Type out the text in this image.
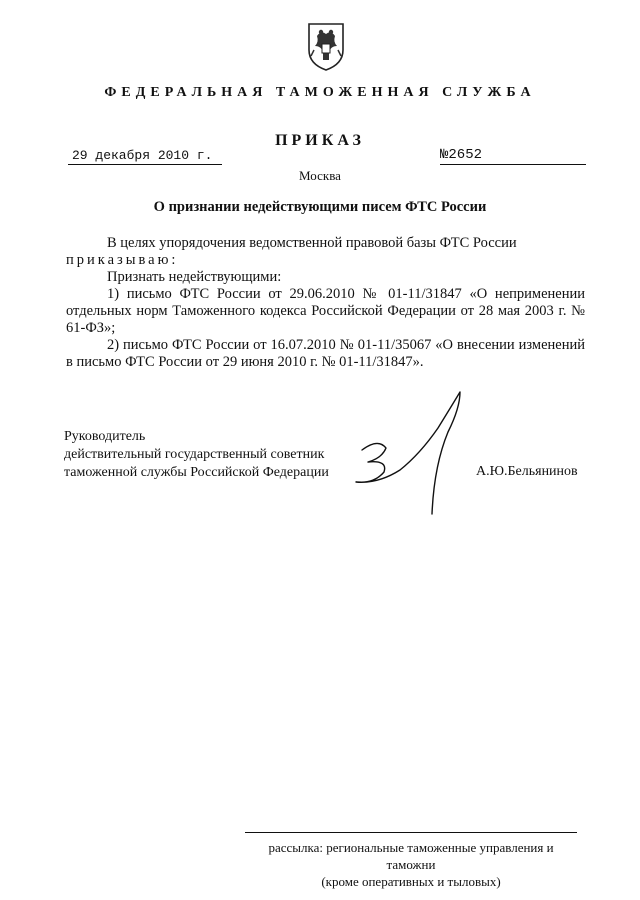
ФЕДЕРАЛЬНАЯ ТАМОЖЕННАЯ СЛУЖБА
ПРИКАЗ
29 декабря 2010 г.	№2652
Москва
О признании недействующими писем ФТС России

В целях упорядочения ведомственной правовой базы ФТС России

приказываю:

Признать недействующими:

1) письмо ФТС России от 29.06.2010 № 01-11/31847 «О неприменении отдельных норм Таможенного кодекса Российской Федерации от 28 мая 2003 г. № 61-ФЗ»;

2) письмо ФТС России от 16.07.2010 № 01-11/35067 «О внесении изменений в письмо ФТС России от 29 июня 2010 г. № 01-11/31847».

Руководитель

действительный государственный советник

таможенной службы Российской Федерации	А.Ю.Бельянинов
рассылка: региональные таможенные управления и таможни
(кроме оперативных и тыловых)
